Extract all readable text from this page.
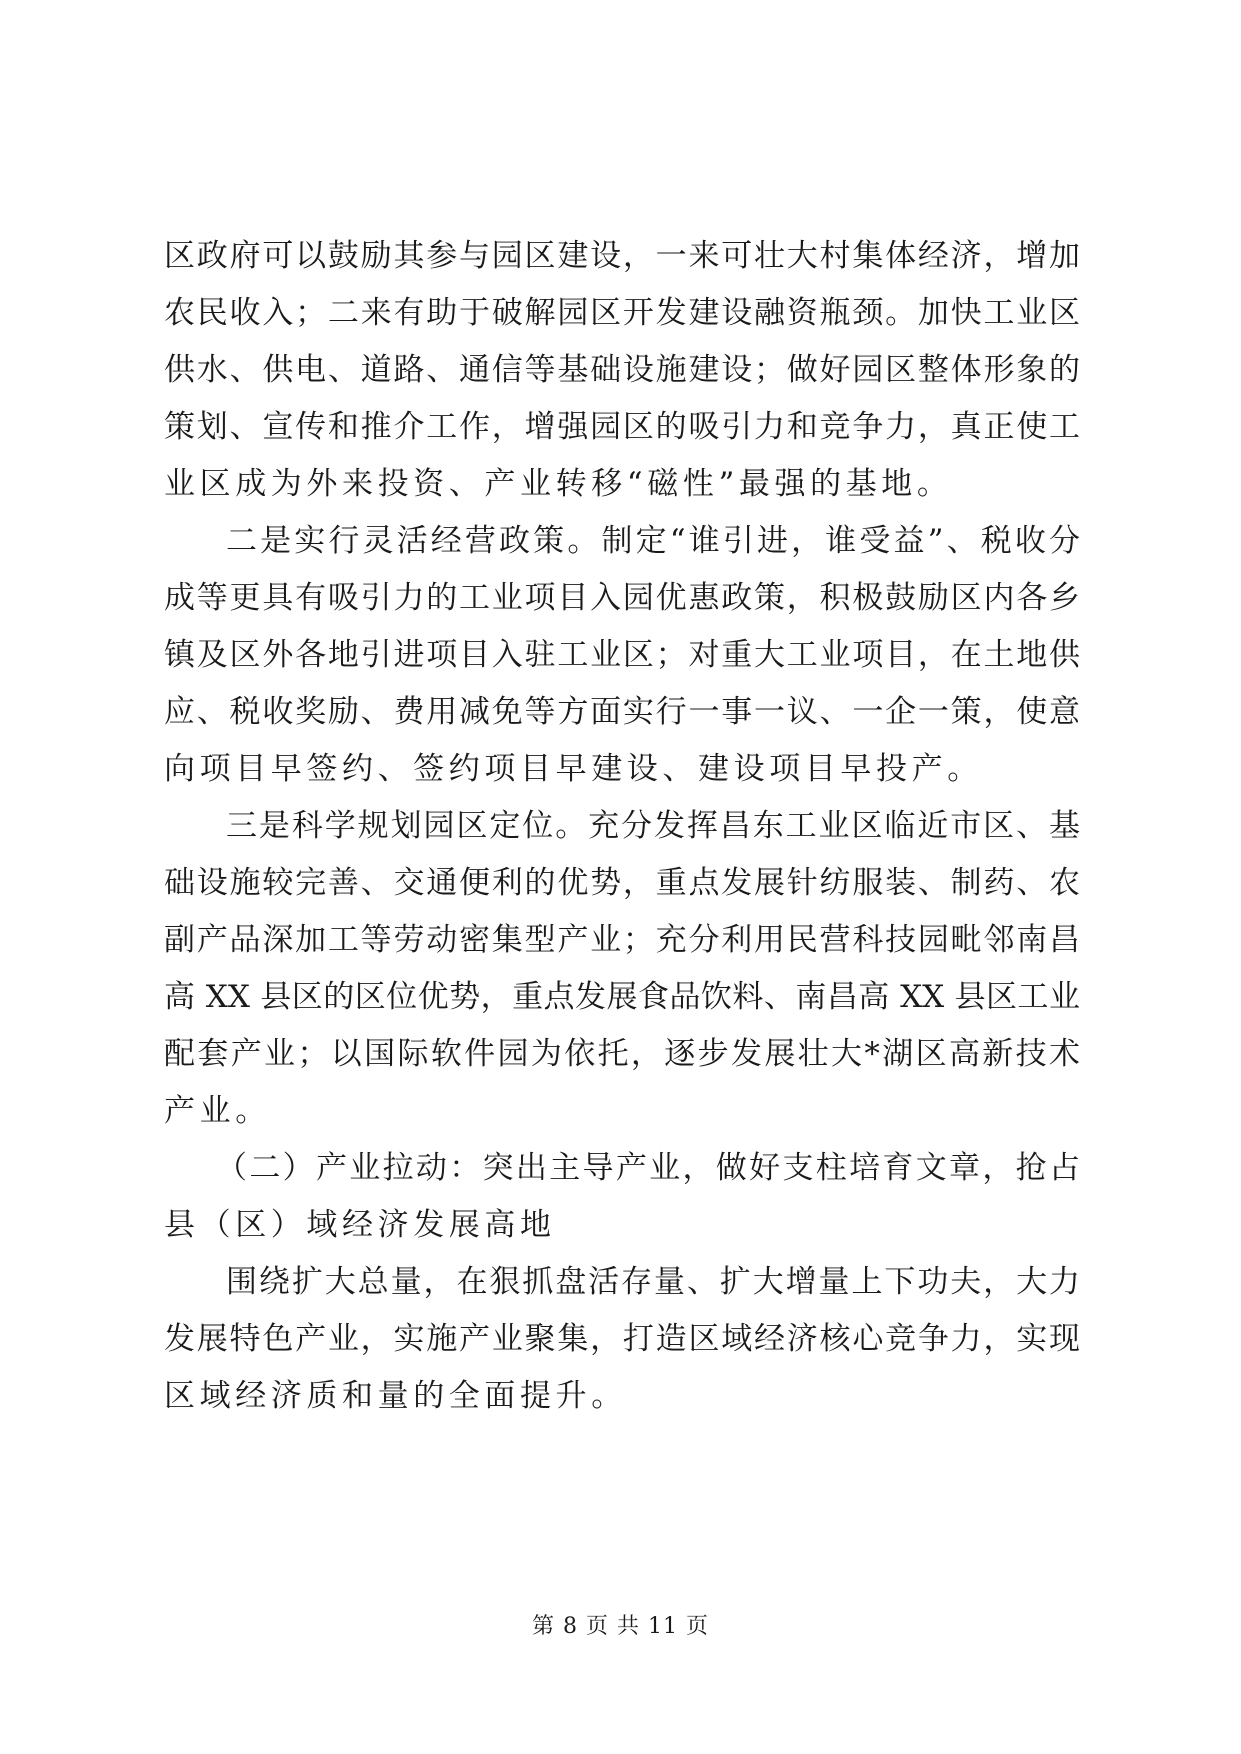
区政府可以鼓励其参与园区建设，一来可壮大村集体经济，增加
农民收入；二来有助于破解园区开发建设融资瓶颈。加快工业区
供水、供电、道路、通信等基础设施建设；做好园区整体形象的
策划、宣传和推介工作，增强园区的吸引力和竞争力，真正使工
业区成为外来投资、产业转移“磁性”最强的基地。
二是实行灵活经营政策。制定“谁引进，谁受益”、税收分
成等更具有吸引力的工业项目入园优惠政策，积极鼓励区内各乡
镇及区外各地引进项目入驻工业区；对重大工业项目，在土地供
应、税收奖励、费用减免等方面实行一事一议、一企一策，使意
向项目早签约、签约项目早建设、建设项目早投产。
三是科学规划园区定位。充分发挥昌东工业区临近市区、基
础设施较完善、交通便利的优势，重点发展针纺服装、制药、农
副产品深加工等劳动密集型产业；充分利用民营科技园毗邻南昌
高 XX 县区的区位优势，重点发展食品饮料、南昌高 XX 县区工业
配套产业；以国际软件园为依托，逐步发展壮大*湖区高新技术
产业。
（二）产业拉动：突出主导产业，做好支柱培育文章，抢占
县（区）域经济发展高地
围绕扩大总量，在狠抓盘活存量、扩大增量上下功夫，大力
发展特色产业，实施产业聚集，打造区域经济核心竞争力，实现
区域经济质和量的全面提升。
第 8 页 共 11 页
